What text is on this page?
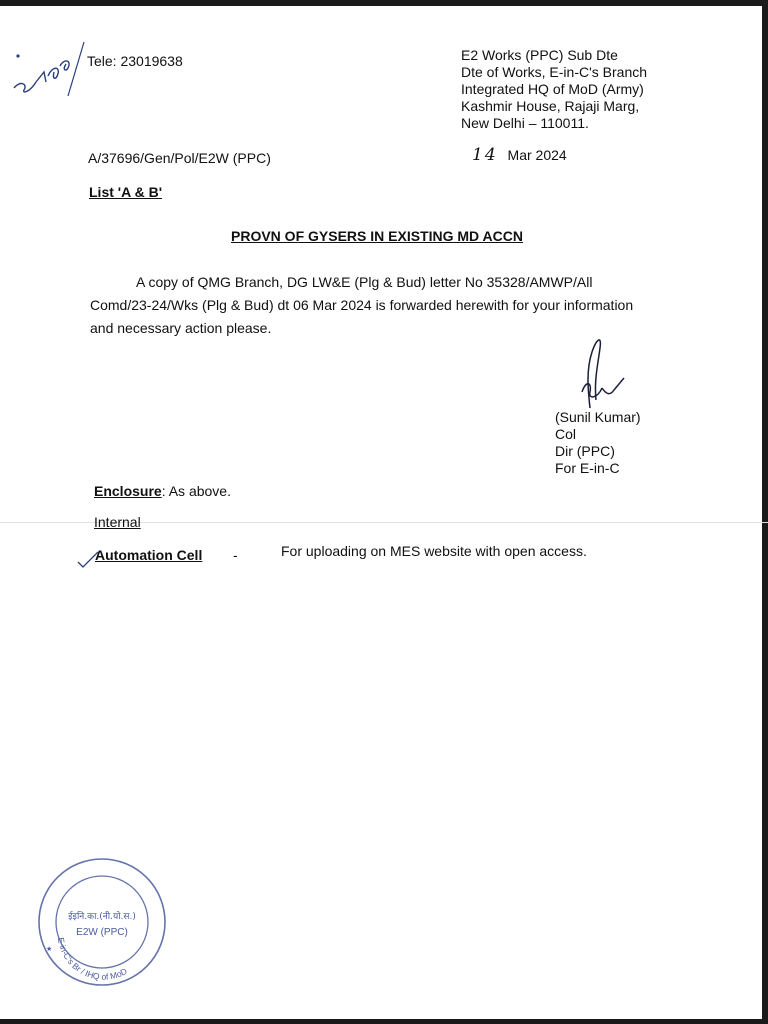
Tele: 23019638	E2 Works (PPC) Sub Dte
Dte of Works, E-in-C's Branch
Integrated HQ of MoD (Army)
Kashmir House, Rajaji Marg,
New Delhi – 110011.
A/37696/Gen/Pol/E2W (PPC)	14 Mar 2024
List 'A & B'
PROVN OF GYSERS IN EXISTING MD ACCN
A copy of QMG Branch, DG LW&E (Plg & Bud) letter No 35328/AMWP/All
Comd/23-24/Wks (Plg & Bud) dt 06 Mar 2024 is forwarded herewith for your information
and necessary action please.
(Sunil Kumar)
Col
Dir (PPC)
For E-in-C
Enclosure: As above.
Internal
Automation Cell -	For uploading on MES website with open access.
ईइनि.का.(नी.यो.स.)
E2W (PPC)
E-in-C's Br / IHQ of MoD
★
